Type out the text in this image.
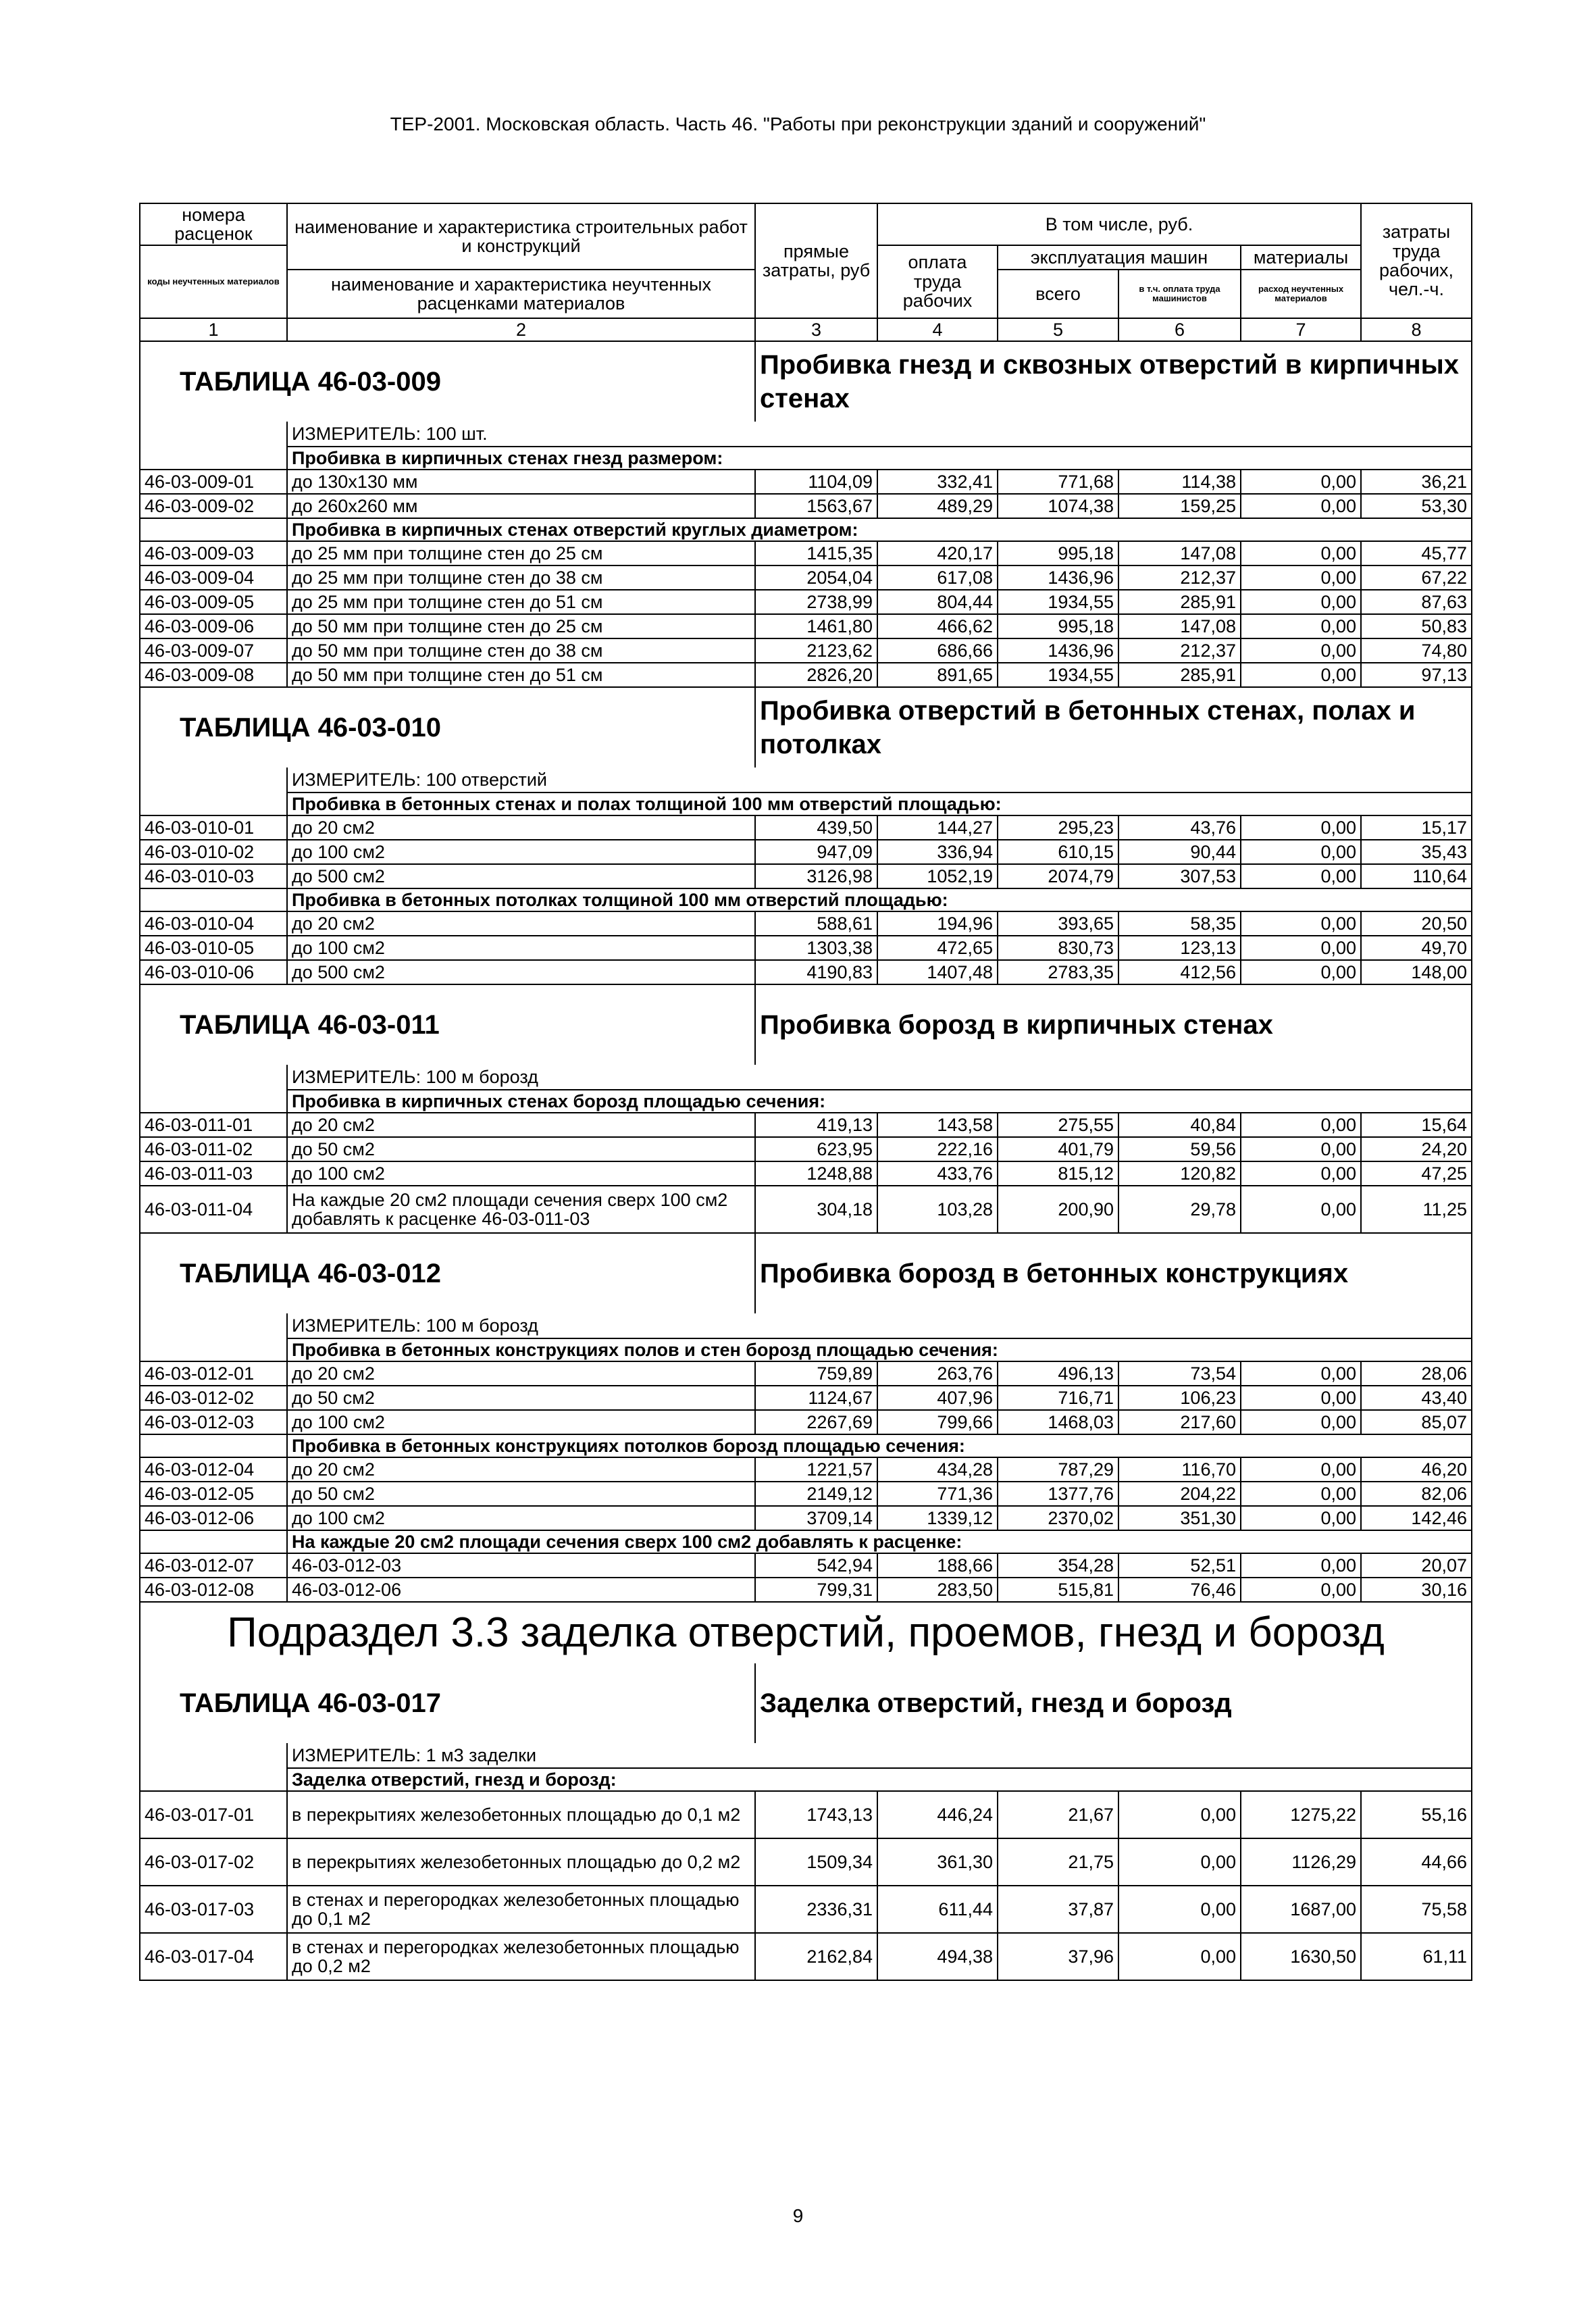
ТЕР-2001. Московская область. Часть 46. "Работы при реконструкции зданий и сооружений"
номера расценок	наименование и характеристика строительных работ и конструкций	прямые затраты, руб	В том числе, руб.				затраты труда рабочих, чел.-ч.
коды неучтенных материалов			оплата труда рабочих	эксплуатация машин		материалы	
	наименование и характеристика неучтенных расценками материалов			всего	в т.ч. оплата труда машинистов	расход неучтенных материалов	

1	2	3	4	5	6	7	8
ТАБЛИЦА 46-03-009		Пробивка гнезд и сквозных отверстий в кирпичных стенах					

	ИЗМЕРИТЕЛЬ: 100 шт.						
	Пробивка в кирпичных стенах гнезд размером:						
46-03-009-01	до 130х130 мм	1104,09	332,41	771,68	114,38	0,00	36,21
46-03-009-02	до 260х260 мм	1563,67	489,29	1074,38	159,25	0,00	53,30
	Пробивка в кирпичных стенах отверстий круглых диаметром:						
46-03-009-03	до 25 мм при толщине стен до 25 см	1415,35	420,17	995,18	147,08	0,00	45,77
46-03-009-04	до 25 мм при толщине стен до 38 см	2054,04	617,08	1436,96	212,37	0,00	67,22
46-03-009-05	до 25 мм при толщине стен до 51 см	2738,99	804,44	1934,55	285,91	0,00	87,63
46-03-009-06	до 50 мм при толщине стен до 25 см	1461,80	466,62	995,18	147,08	0,00	50,83
46-03-009-07	до 50 мм при толщине стен до 38 см	2123,62	686,66	1436,96	212,37	0,00	74,80
46-03-009-08	до 50 мм при толщине стен до 51 см	2826,20	891,65	1934,55	285,91	0,00	97,13
ТАБЛИЦА 46-03-010		Пробивка отверстий в бетонных стенах, полах и потолках					

	ИЗМЕРИТЕЛЬ: 100 отверстий						
	Пробивка в бетонных стенах и полах толщиной 100 мм отверстий площадью:						
46-03-010-01	до 20 см2	439,50	144,27	295,23	43,76	0,00	15,17
46-03-010-02	до 100 см2	947,09	336,94	610,15	90,44	0,00	35,43
46-03-010-03	до 500 см2	3126,98	1052,19	2074,79	307,53	0,00	110,64
	Пробивка в бетонных потолках толщиной 100 мм отверстий площадью:						
46-03-010-04	до 20 см2	588,61	194,96	393,65	58,35	0,00	20,50
46-03-010-05	до 100 см2	1303,38	472,65	830,73	123,13	0,00	49,70
46-03-010-06	до 500 см2	4190,83	1407,48	2783,35	412,56	0,00	148,00
ТАБЛИЦА 46-03-011		Пробивка борозд в кирпичных стенах					

	ИЗМЕРИТЕЛЬ: 100 м борозд						
	Пробивка в кирпичных стенах борозд площадью сечения:						
46-03-011-01	до 20 см2	419,13	143,58	275,55	40,84	0,00	15,64
46-03-011-02	до 50 см2	623,95	222,16	401,79	59,56	0,00	24,20
46-03-011-03	до 100 см2	1248,88	433,76	815,12	120,82	0,00	47,25
46-03-011-04	На каждые 20 см2 площади сечения сверх 100 см2 добавлять к расценке 46-03-011-03	304,18	103,28	200,90	29,78	0,00	11,25
ТАБЛИЦА 46-03-012		Пробивка борозд в бетонных конструкциях					

	ИЗМЕРИТЕЛЬ: 100 м борозд						
	Пробивка в бетонных конструкциях полов и стен борозд площадью сечения:						
46-03-012-01	до 20 см2	759,89	263,76	496,13	73,54	0,00	28,06
46-03-012-02	до 50 см2	1124,67	407,96	716,71	106,23	0,00	43,40
46-03-012-03	до 100 см2	2267,69	799,66	1468,03	217,60	0,00	85,07
	Пробивка в бетонных конструкциях потолков борозд площадью сечения:						
46-03-012-04	до 20 см2	1221,57	434,28	787,29	116,70	0,00	46,20
46-03-012-05	до 50 см2	2149,12	771,36	1377,76	204,22	0,00	82,06
46-03-012-06	до 100 см2	3709,14	1339,12	2370,02	351,30	0,00	142,46
	На каждые 20 см2 площади сечения сверх 100 см2 добавлять к расценке:						
46-03-012-07	46-03-012-03	542,94	188,66	354,28	52,51	0,00	20,07
46-03-012-08	46-03-012-06	799,31	283,50	515,81	76,46	0,00	30,16
Подраздел 3.3 заделка отверстий, проемов, гнезд и борозд							
ТАБЛИЦА 46-03-017		Заделка отверстий, гнезд и борозд					

	ИЗМЕРИТЕЛЬ: 1 м3 заделки						
	Заделка отверстий, гнезд и борозд:						
46-03-017-01	в перекрытиях железобетонных площадью до 0,1 м2	1743,13	446,24	21,67	0,00	1275,22	55,16
46-03-017-02	в перекрытиях железобетонных площадью до 0,2 м2	1509,34	361,30	21,75	0,00	1126,29	44,66
46-03-017-03	в стенах и перегородках железобетонных площадью до 0,1 м2	2336,31	611,44	37,87	0,00	1687,00	75,58
46-03-017-04	в стенах и перегородках железобетонных площадью до 0,2 м2	2162,84	494,38	37,96	0,00	1630,50	61,11
9
